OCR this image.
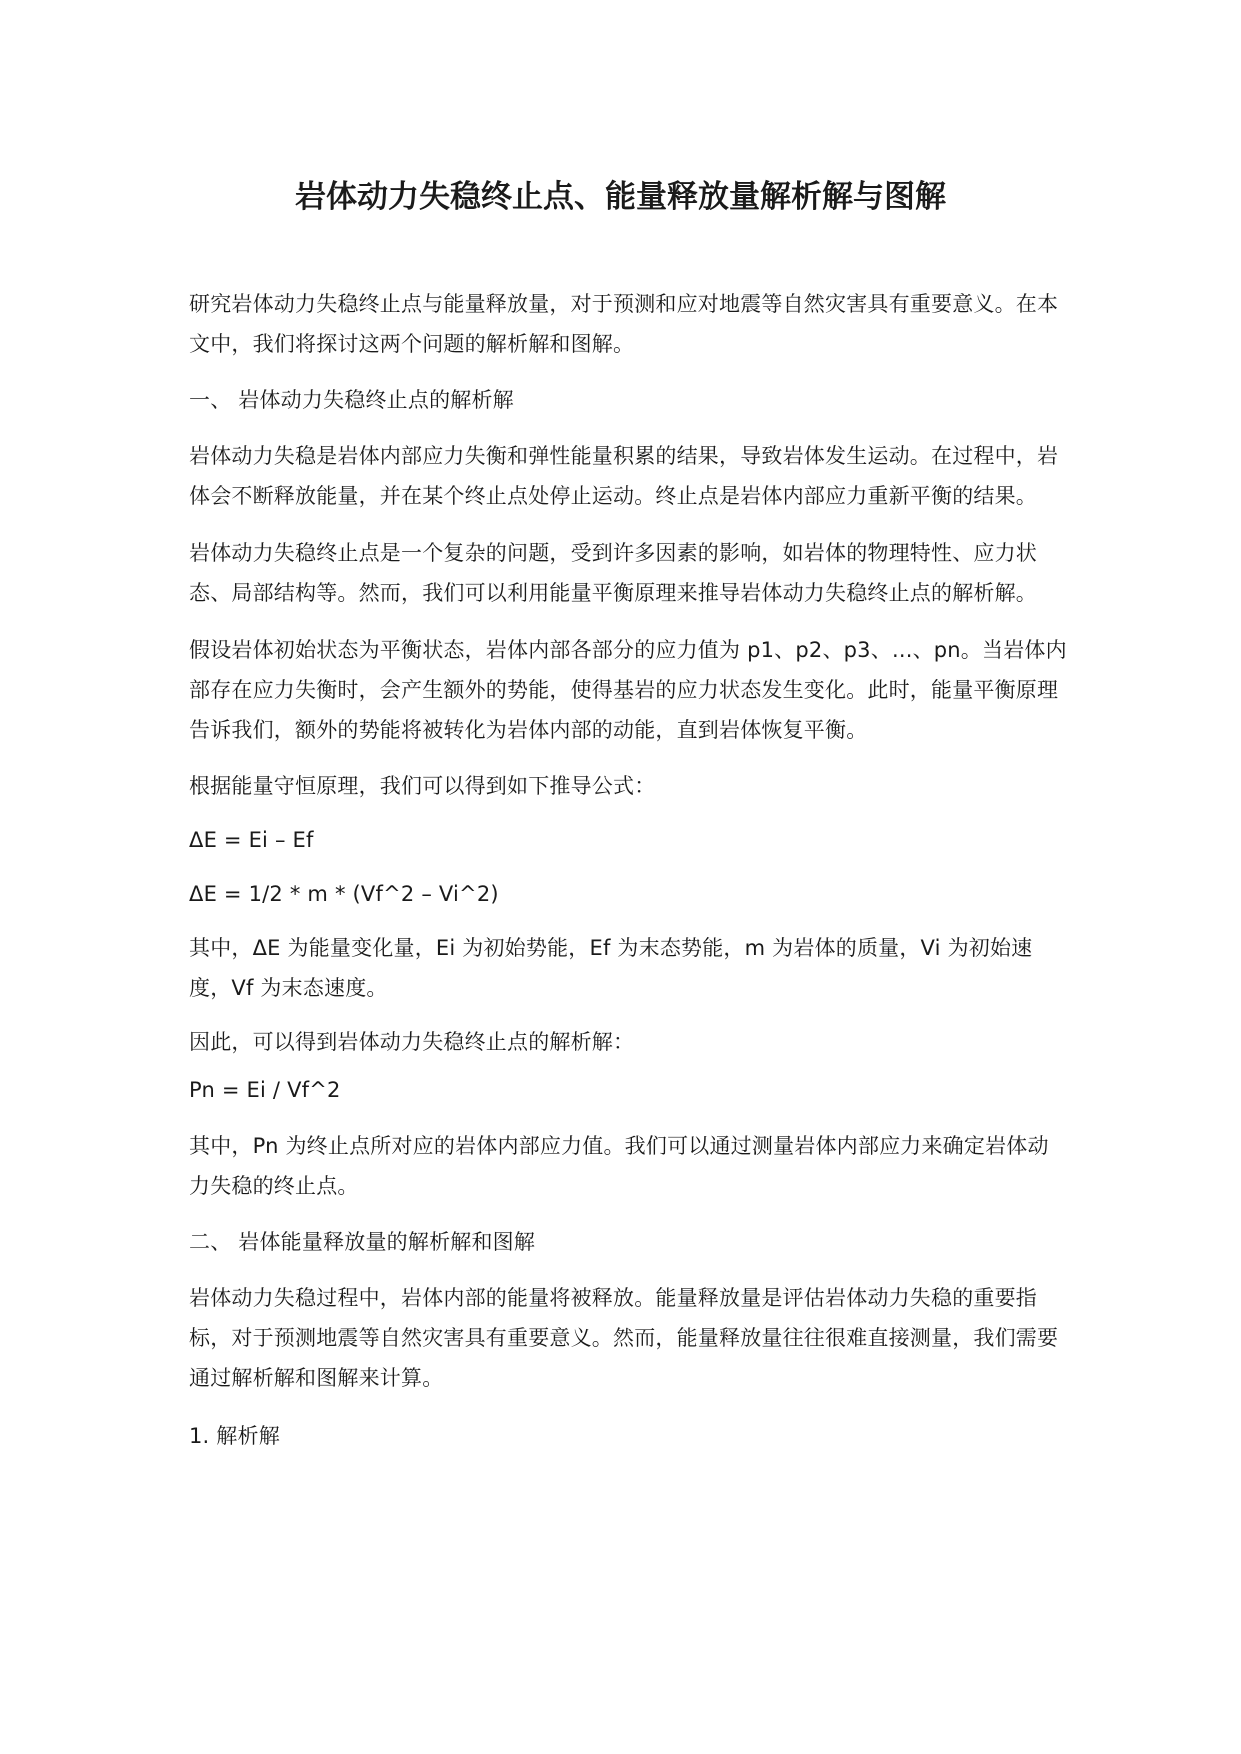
岩体动力失稳终止点、能量释放量解析解与图解

研究岩体动力失稳终止点与能量释放量，对于预测和应对地震等自然灾害具有重要意义。在本文中，我们将探讨这两个问题的解析解和图解。

一、 岩体动力失稳终止点的解析解

岩体动力失稳是岩体内部应力失衡和弹性能量积累的结果，导致岩体发生运动。在过程中，岩体会不断释放能量，并在某个终止点处停止运动。终止点是岩体内部应力重新平衡的结果。

岩体动力失稳终止点是一个复杂的问题，受到许多因素的影响，如岩体的物理特性、应力状态、局部结构等。然而，我们可以利用能量平衡原理来推导岩体动力失稳终止点的解析解。

假设岩体初始状态为平衡状态，岩体内部各部分的应力值为 p1、p2、p3、...、pn。当岩体内部存在应力失衡时，会产生额外的势能，使得基岩的应力状态发生变化。此时，能量平衡原理告诉我们，额外的势能将被转化为岩体内部的动能，直到岩体恢复平衡。

根据能量守恒原理，我们可以得到如下推导公式：

ΔE = Ei – Ef

ΔE = 1/2 * m * (Vf^2 – Vi^2)

其中，ΔE 为能量变化量，Ei 为初始势能，Ef 为末态势能，m 为岩体的质量，Vi 为初始速度，Vf 为末态速度。

因此，可以得到岩体动力失稳终止点的解析解：

Pn = Ei / Vf^2

其中，Pn 为终止点所对应的岩体内部应力值。我们可以通过测量岩体内部应力来确定岩体动力失稳的终止点。

二、 岩体能量释放量的解析解和图解

岩体动力失稳过程中，岩体内部的能量将被释放。能量释放量是评估岩体动力失稳的重要指标，对于预测地震等自然灾害具有重要意义。然而，能量释放量往往很难直接测量，我们需要通过解析解和图解来计算。

1. 解析解
